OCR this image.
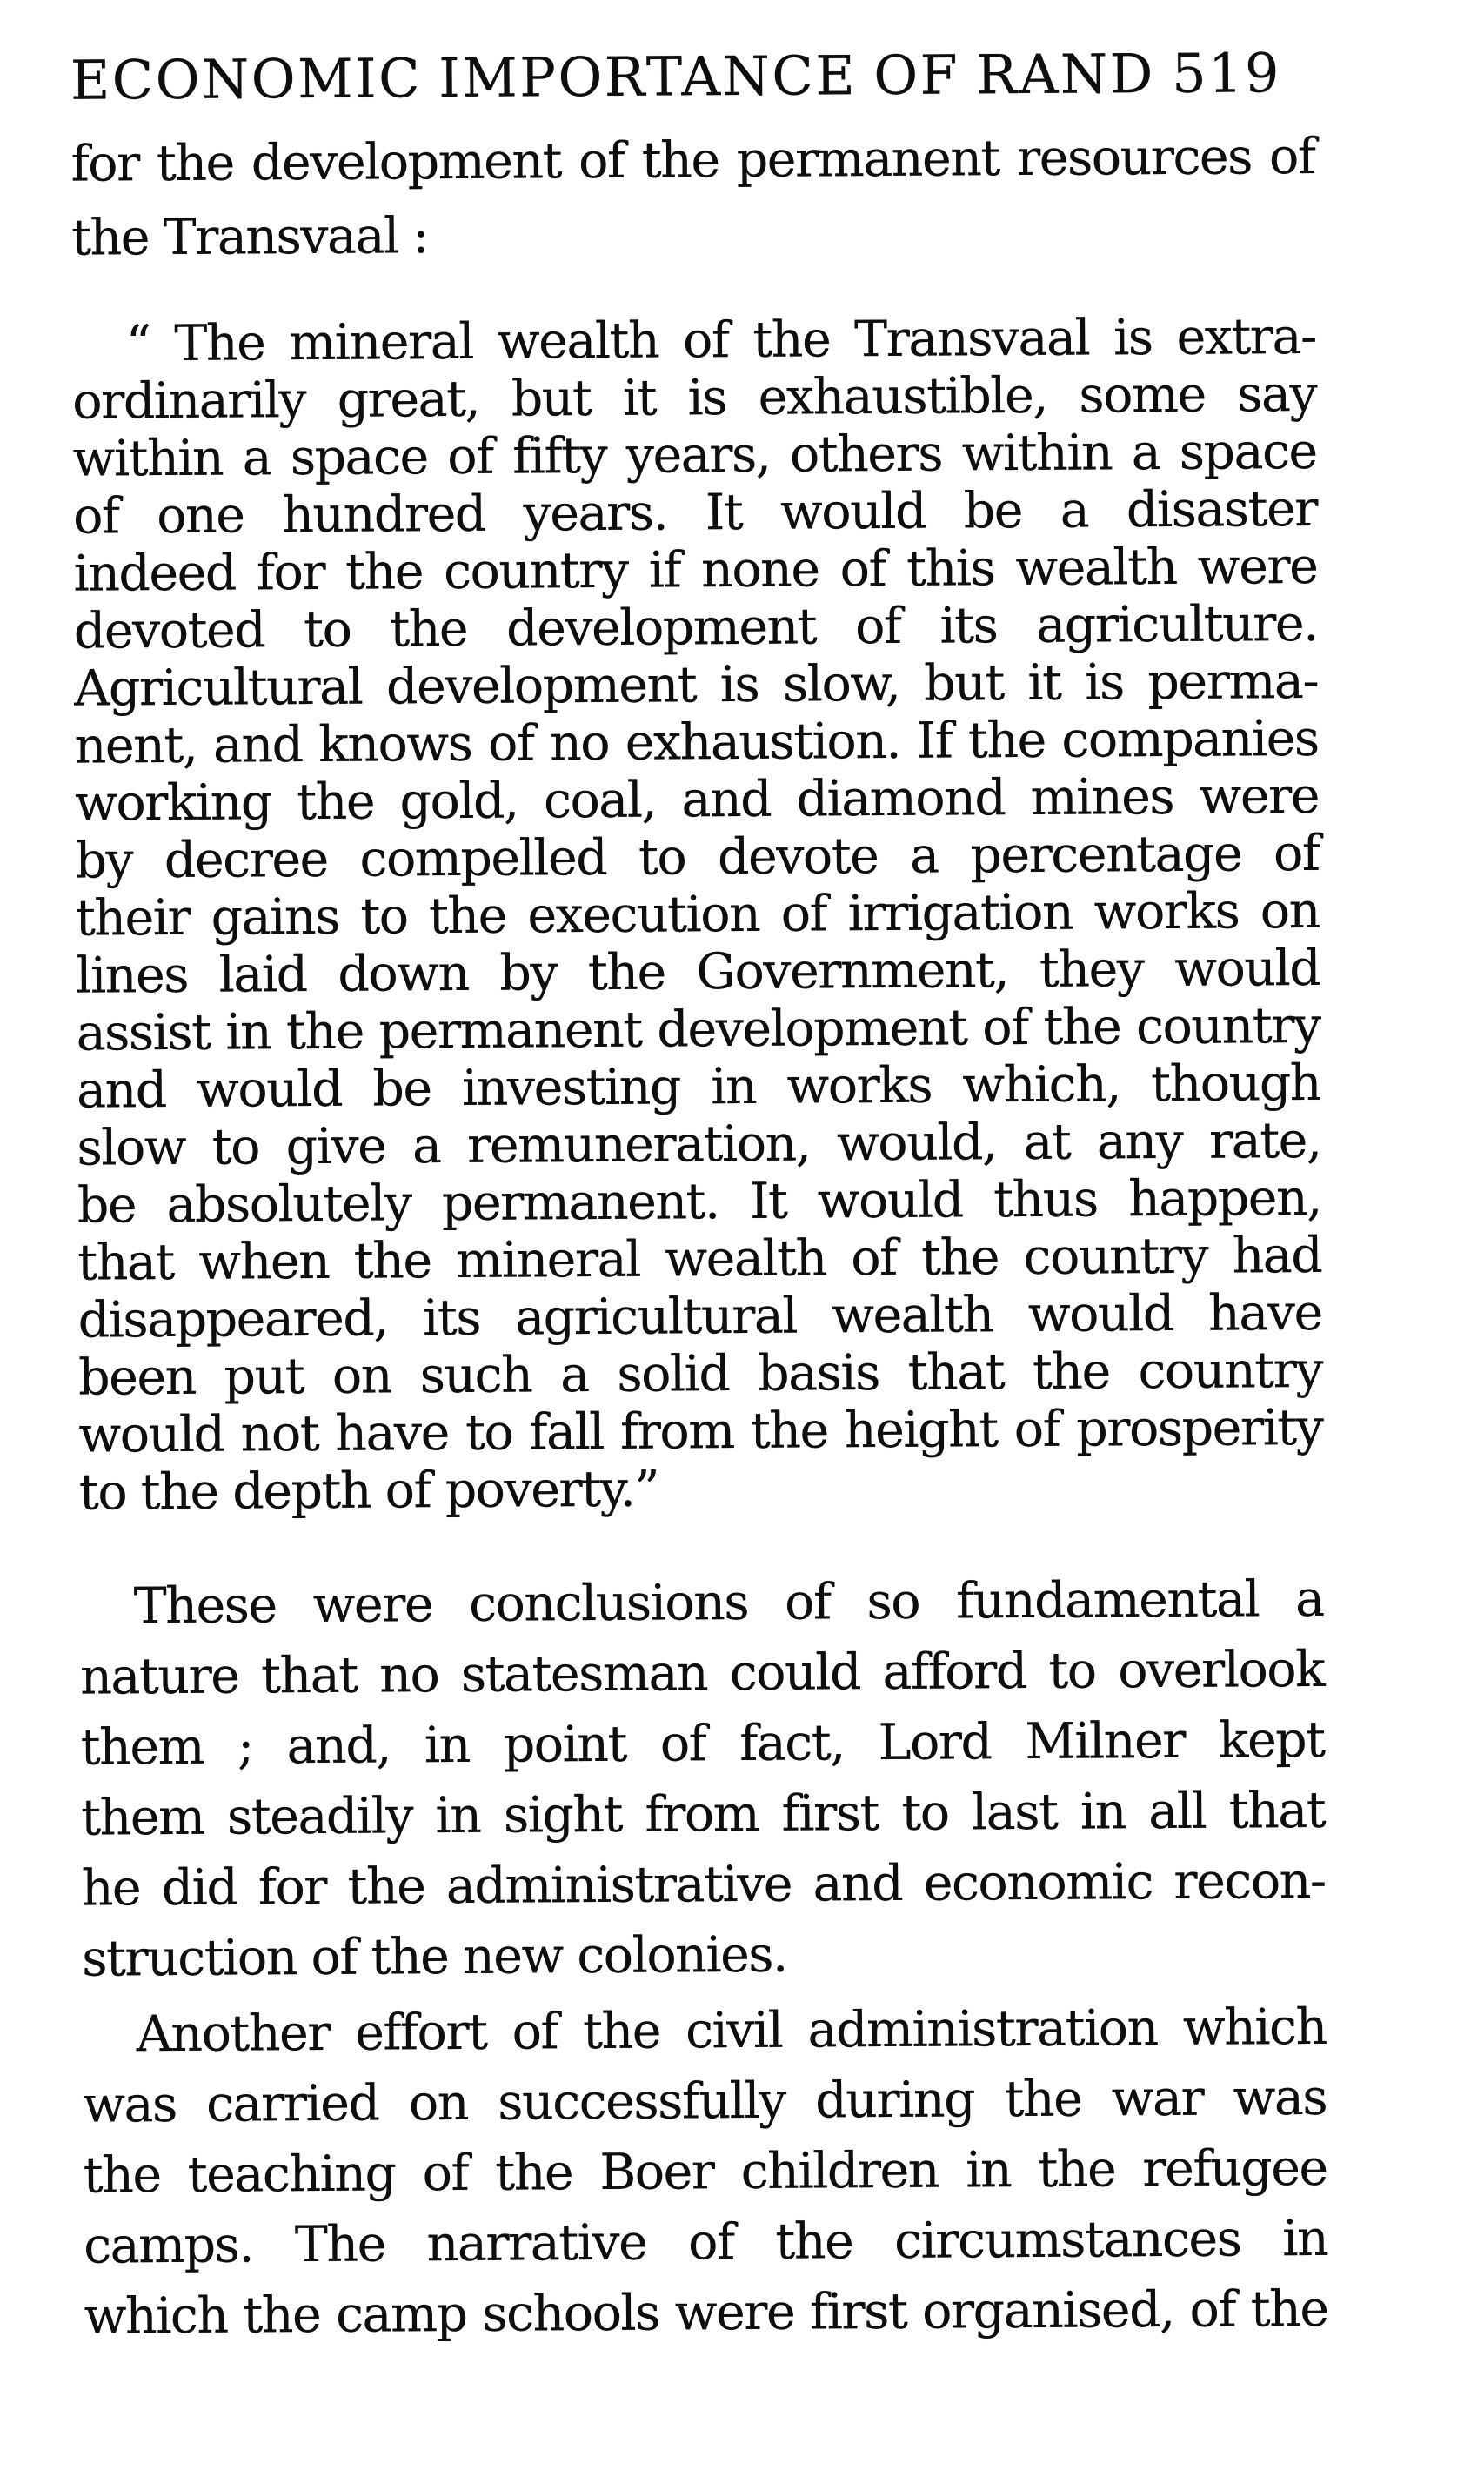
ECONOMIC IMPORTANCE OF RAND 519
for the development of the permanent resources of
the Transvaal :
“ The mineral wealth of the Transvaal is extra-
ordinarily great, but it is exhaustible, some say
within a space of fifty years, others within a space
of one hundred years. It would be a disaster
indeed for the country if none of this wealth were
devoted to the development of its agriculture.
Agricultural development is slow, but it is perma-
nent, and knows of no exhaustion. If the companies
working the gold, coal, and diamond mines were
by decree compelled to devote a percentage of
their gains to the execution of irrigation works on
lines laid down by the Government, they would
assist in the permanent development of the country
and would be investing in works which, though
slow to give a remuneration, would, at any rate,
be absolutely permanent. It would thus happen,
that when the mineral wealth of the country had
disappeared, its agricultural wealth would have
been put on such a solid basis that the country
would not have to fall from the height of prosperity
to the depth of poverty.”
These were conclusions of so fundamental a
nature that no statesman could afford to overlook
them ; and, in point of fact, Lord Milner kept
them steadily in sight from first to last in all that
he did for the administrative and economic recon-
struction of the new colonies.
Another effort of the civil administration which
was carried on successfully during the war was
the teaching of the Boer children in the refugee
camps. The narrative of the circumstances in
which the camp schools were first organised, of the
